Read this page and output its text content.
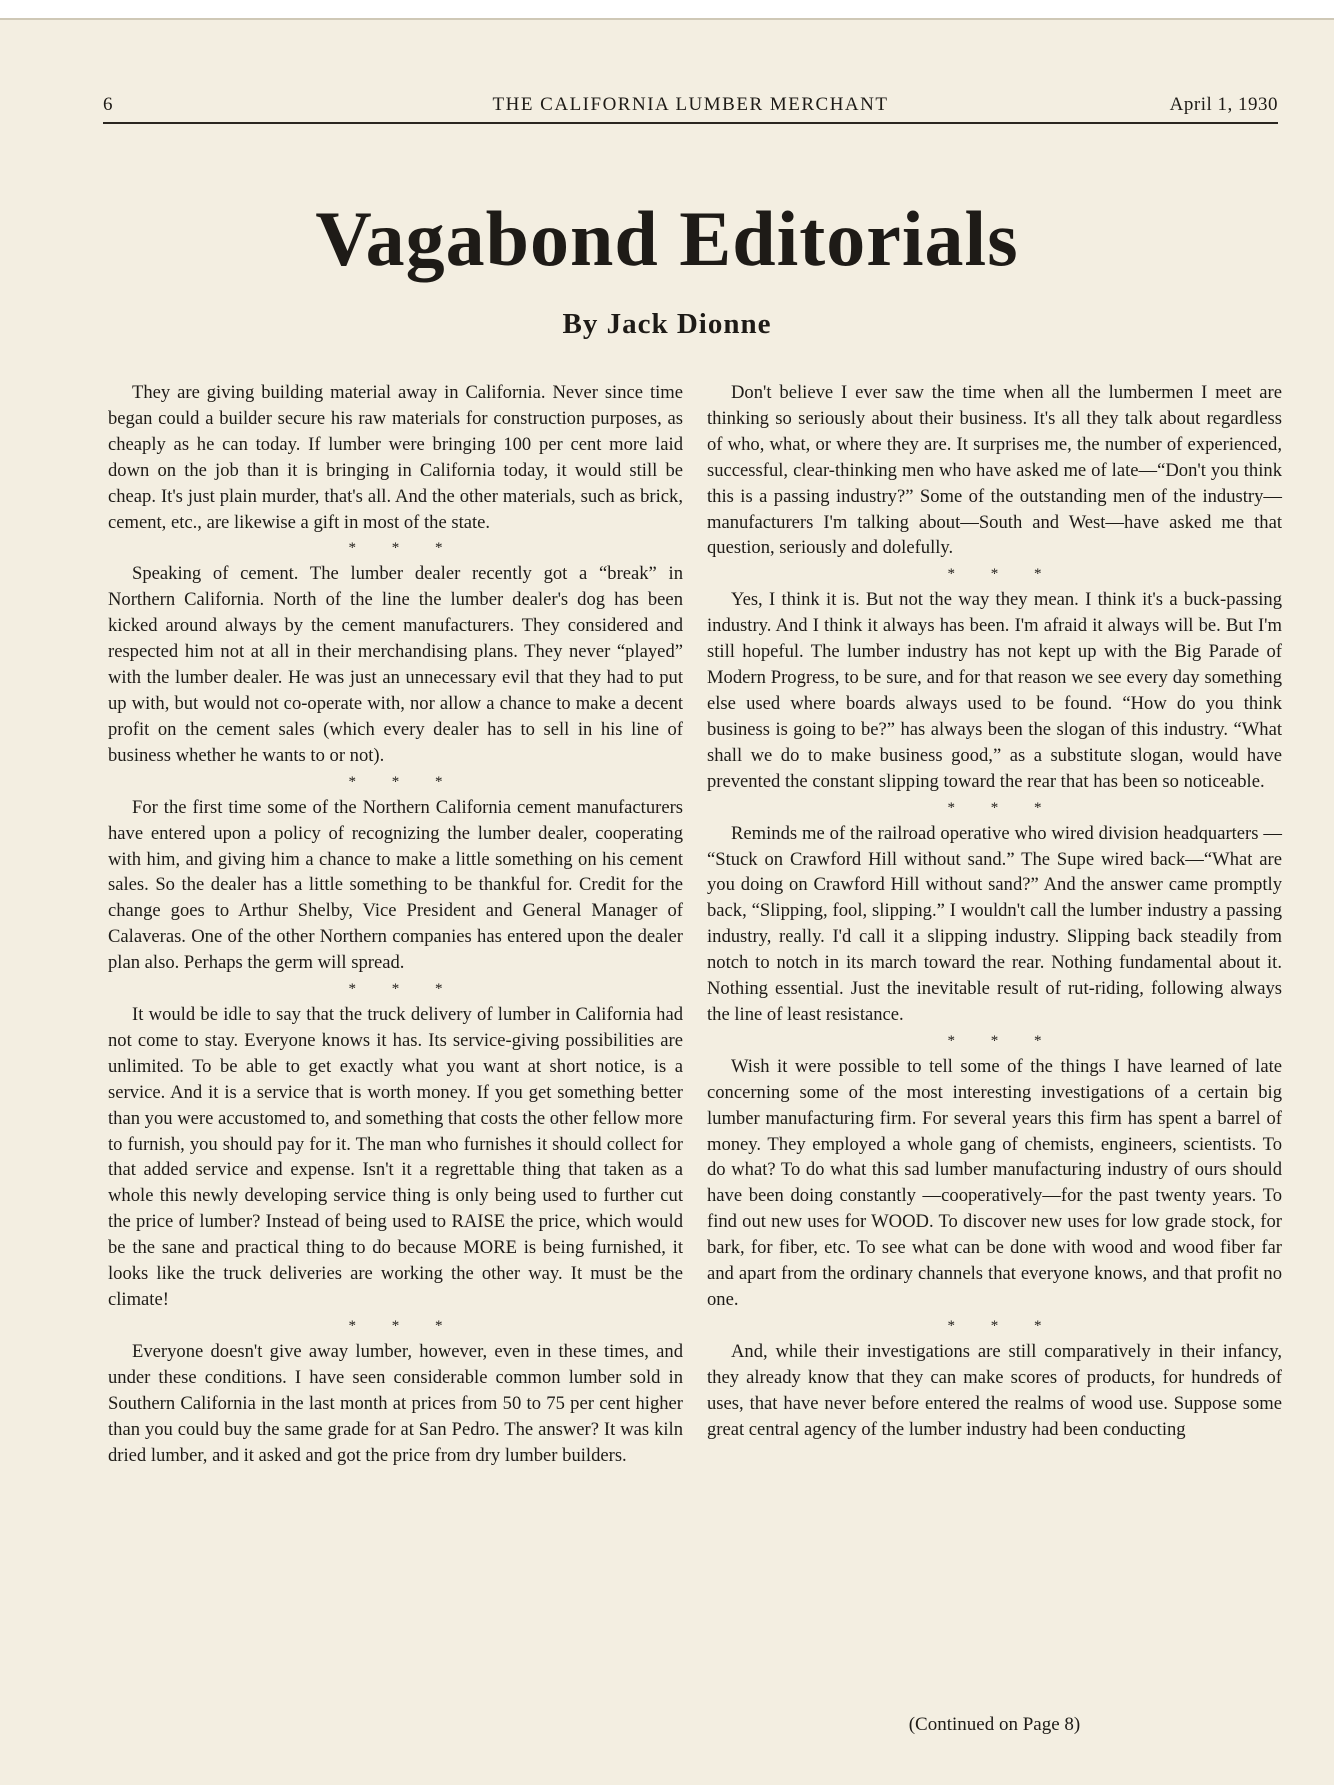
6	THE CALIFORNIA LUMBER MERCHANT	April 1, 1930
Vagabond Editorials
By Jack Dionne

They are giving building material away in California. Never since time began could a builder secure his raw materials for construction purposes, as cheaply as he can today. If lumber were bringing 100 per cent more laid down on the job than it is bringing in California today, it would still be cheap. It's just plain murder, that's all. And the other materials, such as brick, cement, etc., are likewise a gift in most of the state.

* * *

Speaking of cement. The lumber dealer recently got a “break” in Northern California. North of the line the lumber dealer's dog has been kicked around always by the cement manufacturers. They considered and respected him not at all in their merchandising plans. They never “played” with the lumber dealer. He was just an unnecessary evil that they had to put up with, but would not co-operate with, nor allow a chance to make a decent profit on the cement sales (which every dealer has to sell in his line of business whether he wants to or not).

* * *

For the first time some of the Northern California cement manufacturers have entered upon a policy of recognizing the lumber dealer, cooperating with him, and giving him a chance to make a little something on his cement sales. So the dealer has a little something to be thankful for. Credit for the change goes to Arthur Shelby, Vice President and General Manager of Calaveras. One of the other Northern companies has entered upon the dealer plan also. Perhaps the germ will spread.

* * *

It would be idle to say that the truck delivery of lumber in California had not come to stay. Everyone knows it has. Its service-giving possibilities are unlimited. To be able to get exactly what you want at short notice, is a service. And it is a service that is worth money. If you get something better than you were accustomed to, and something that costs the other fellow more to furnish, you should pay for it. The man who furnishes it should collect for that added service and expense. Isn't it a regrettable thing that taken as a whole this newly developing service thing is only being used to further cut the price of lumber? Instead of being used to RAISE the price, which would be the sane and practical thing to do because MORE is being furnished, it looks like the truck deliveries are working the other way. It must be the climate!

* * *

Everyone doesn't give away lumber, however, even in these times, and under these conditions. I have seen considerable common lumber sold in Southern California in the last month at prices from 50 to 75 per cent higher than you could buy the same grade for at San Pedro. The answer? It was kiln dried lumber, and it asked and got the price from dry lumber builders.

Don't believe I ever saw the time when all the lumbermen I meet are thinking so seriously about their business. It's all they talk about regardless of who, what, or where they are. It surprises me, the number of experienced, successful, clear-thinking men who have asked me of late—“Don't you think this is a passing industry?” Some of the outstanding men of the industry—manufacturers I'm talking about—South and West—have asked me that question, seriously and dolefully.

* * *

Yes, I think it is. But not the way they mean. I think it's a buck-passing industry. And I think it always has been. I'm afraid it always will be. But I'm still hopeful. The lumber industry has not kept up with the Big Parade of Modern Progress, to be sure, and for that reason we see every day something else used where boards always used to be found. “How do you think business is going to be?” has always been the slogan of this industry. “What shall we do to make business good,” as a substitute slogan, would have prevented the constant slipping toward the rear that has been so noticeable.

* * *

Reminds me of the railroad operative who wired division headquarters — “Stuck on Crawford Hill without sand.” The Supe wired back—“What are you doing on Crawford Hill without sand?” And the answer came promptly back, “Slipping, fool, slipping.” I wouldn't call the lumber industry a passing industry, really. I'd call it a slipping industry. Slipping back steadily from notch to notch in its march toward the rear. Nothing fundamental about it. Nothing essential. Just the inevitable result of rut-riding, following always the line of least resistance.

* * *

Wish it were possible to tell some of the things I have learned of late concerning some of the most interesting investigations of a certain big lumber manufacturing firm. For several years this firm has spent a barrel of money. They employed a whole gang of chemists, engineers, scientists. To do what? To do what this sad lumber manufacturing industry of ours should have been doing constantly —cooperatively—for the past twenty years. To find out new uses for WOOD. To discover new uses for low grade stock, for bark, for fiber, etc. To see what can be done with wood and wood fiber far and apart from the ordinary channels that everyone knows, and that profit no one.

* * *

And, while their investigations are still comparatively in their infancy, they already know that they can make scores of products, for hundreds of uses, that have never before entered the realms of wood use. Suppose some great central agency of the lumber industry had been conducting

(Continued on Page 8)
